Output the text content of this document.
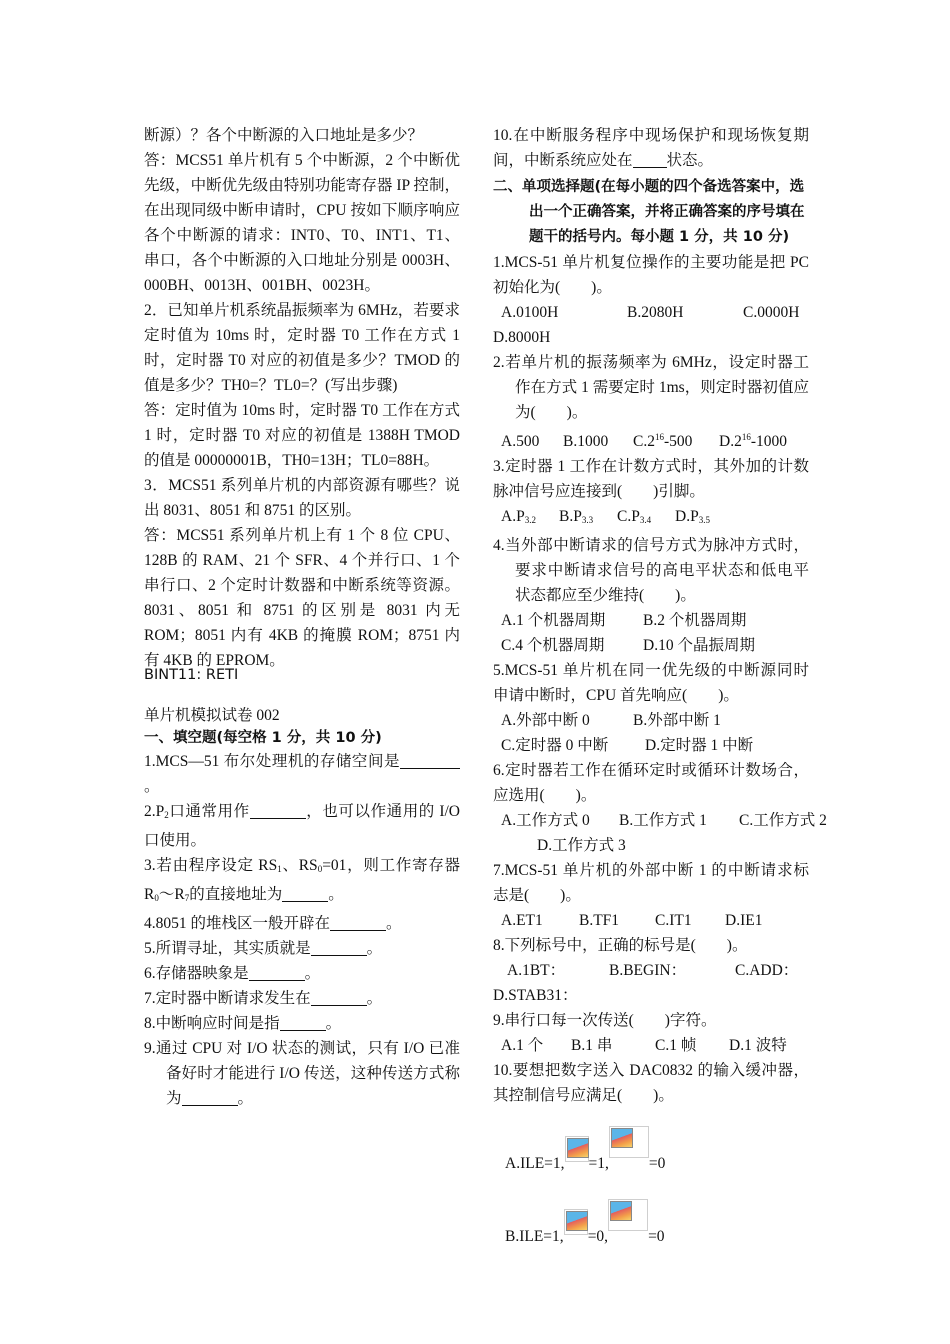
断源）？各个中断源的入口地址是多少？
答：MCS51 单片机有 5 个中断源，2 个中断优先级，中断优先级由特别功能寄存器 IP 控制，在出现同级中断申请时，CPU 按如下顺序响应各个中断源的请求：INT0、T0、INT1、T1、串口，各个中断源的入口地址分别是 0003H、000BH、0013H、001BH、0023H。
2．已知单片机系统晶振频率为 6MHz，若要求定时值为 10ms 时，定时器 T0 工作在方式 1 时，定时器 T0 对应的初值是多少？TMOD 的值是多少？TH0=？TL0=？(写出步骤)
答：定时值为 10ms 时，定时器 T0 工作在方式 1 时，定时器 T0 对应的初值是 1388H TMOD 的值是 00000001B，TH0=13H；TL0=88H。
3．MCS51 系列单片机的内部资源有哪些？说出 8031、8051 和 8751 的区别。
答：MCS51 系列单片机上有 1 个 8 位 CPU、128B 的 RAM、21 个 SFR、4 个并行口、1 个串行口、2 个定时计数器和中断系统等资源。8031、8051 和 8751 的区别是 8031 内无 ROM；8051 内有 4KB 的掩膜 ROM；8751 内有 4KB 的 EPROM。
BINT11: RETI
单片机模拟试卷 002
一、填空题(每空格 1 分，共 10 分)
1.MCS—51 布尔处理机的存储空间是。
$2.P_2$口通常用作	，也可以作通用的 I/O 口使用。
3.若由程序设定 $RS_1$、$RS_0=01$，则工作寄存器 $R_0\sim R_7$的直接地址为	。
4.8051 的堆栈区一般开辟在	。
5.所谓寻址，其实质就是	。
6.存储器映象是	。
7.定时器中断请求发生在	。
8.中断响应时间是指	。
9.通过 CPU 对 I/O 状态的测试，只有 I/O 已准备好时才能进行 I/O 传送，这种传送方式称为	。
10.在中断服务程序中现场保护和现场恢复期间，中断系统应处在 状态。
二、单项选择题(在每小题的四个备选答案中，选出一个正确答案，并将正确答案的序号填在题干的括号内。每小题 1 分，共 10 分)
1.MCS-51 单片机复位操作的主要功能是把 PC 初始化为(　　)。
A.0100H	B.2080H	C.0000H
D.8000H
2.若单片机的振荡频率为 6MHz，设定时器工作在方式 1 需要定时 1ms，则定时器初值应为(　　)。
A.500 B.1000 C.216-500 D.216-1000
3.定时器 1 工作在计数方式时，其外加的计数脉冲信号应连接到(　　)引脚。
A.P3.2 B.P3.3 C.P3.4 D.P3.5
4.当外部中断请求的信号方式为脉冲方式时，要求中断请求信号的高电平状态和低电平状态都应至少维持(　　)。
A.1 个机器周期 B.2 个机器周期
C.4 个机器周期 D.10 个晶振周期
5.MCS-51 单片机在同一优先级的中断源同时申请中断时，CPU 首先响应(　　)。
A.外部中断 0	B.外部中断 1
C.定时器 0 中断 D.定时器 1 中断
6.定时器若工作在循环定时或循环计数场合，应选用(　　)。
A.工作方式 0 B.工作方式 1 C.工作方式 2
D.工作方式 3
7.MCS-51 单片机的外部中断 1 的中断请求标志是(　　)。
A.ET1 B.TF1 C.IT1 D.IE1
8.下列标号中，正确的标号是(　　)。
A.1BT：	B.BEGIN：	C.ADD：
D.STAB31：
9.串行口每一次传送(　　)字符。
A.1 个 B.1 串	C.1 帧 D.1 波特
10.要想把数字送入 DAC0832 的输入缓冲器，其控制信号应满足(　　)。
A.ILE=1, =1,	=0
B.ILE=1, =0,	=0
